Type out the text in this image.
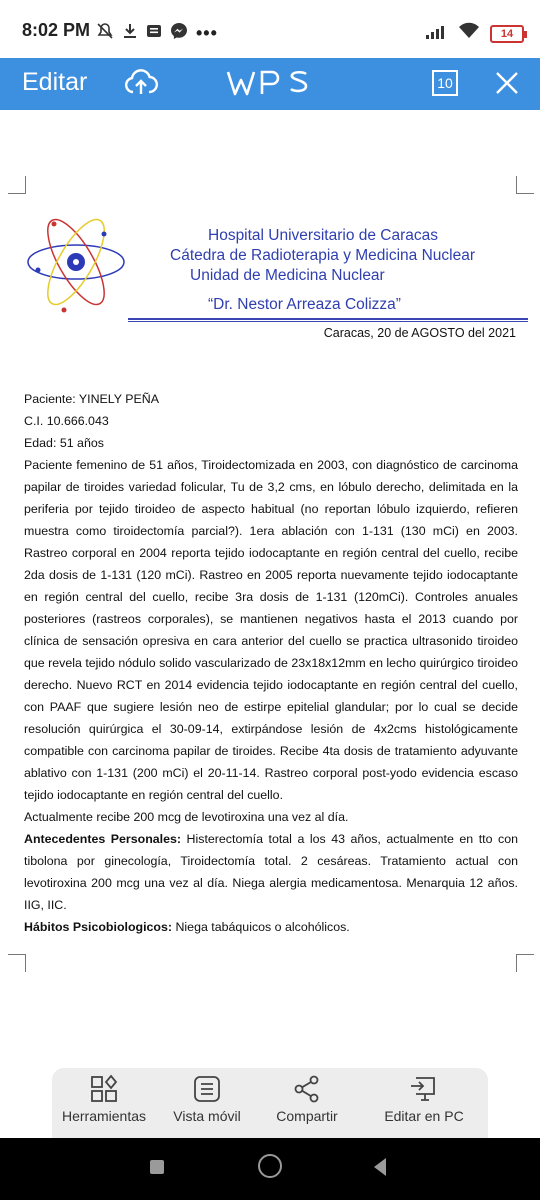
8:02 PM	•••	14
Editar	10
Hospital Universitario de Caracas
Cátedra de Radioterapia y Medicina Nuclear
Unidad de Medicina Nuclear
“Dr. Nestor Arreaza Colizza”
Caracas, 20 de AGOSTO del 2021

Paciente: YINELY PEÑA

C.I. 10.666.043

Edad: 51 años

Paciente femenino de 51 años, Tiroidectomizada en 2003, con diagnóstico de carcinoma papilar de tiroides variedad folicular, Tu de 3,2 cms, en lóbulo derecho, delimitada en la periferia por tejido tiroideo de aspecto habitual (no reportan lóbulo izquierdo, refieren muestra como tiroidectomía parcial?). 1era ablación con 1-131 (130 mCi) en 2003. Rastreo corporal en 2004 reporta tejido iodocaptante en región central del cuello, recibe 2da dosis de 1-131 (120 mCi). Rastreo en 2005 reporta nuevamente tejido iodocaptante en región central del cuello, recibe 3ra dosis de 1-131 (120mCi). Controles anuales posteriores (rastreos corporales), se mantienen negativos hasta el 2013 cuando por clínica de sensación opresiva en cara anterior del cuello se practica ultrasonido tiroideo que revela tejido nódulo solido vascularizado de 23x18x12mm en lecho quirúrgico tiroideo derecho. Nuevo RCT en 2014 evidencia tejido iodocaptante en región central del cuello, con PAAF que sugiere lesión neo de estirpe epitelial glandular; por lo cual se decide resolución quirúrgica el 30-09-14, extirpándose lesión de 4x2cms histológicamente compatible con carcinoma papilar de tiroides. Recibe 4ta dosis de tratamiento adyuvante ablativo con 1-131 (200 mCi) el 20-11-14. Rastreo corporal post-yodo evidencia escaso tejido iodocaptante en región central del cuello.

Actualmente recibe 200 mcg de levotiroxina una vez al día.

Antecedentes Personales: Histerectomía total a los 43 años, actualmente en tto con tibolona por ginecología, Tiroidectomía total. 2 cesáreas. Tratamiento actual con levotiroxina 200 mcg una vez al día. Niega alergia medicamentosa. Menarquia 12 años. IIG, IIC.

Hábitos Psicobiologicos: Niega tabáquicos o alcohólicos.

Herramientas	Vista móvil	Compartir	Editar en PC
